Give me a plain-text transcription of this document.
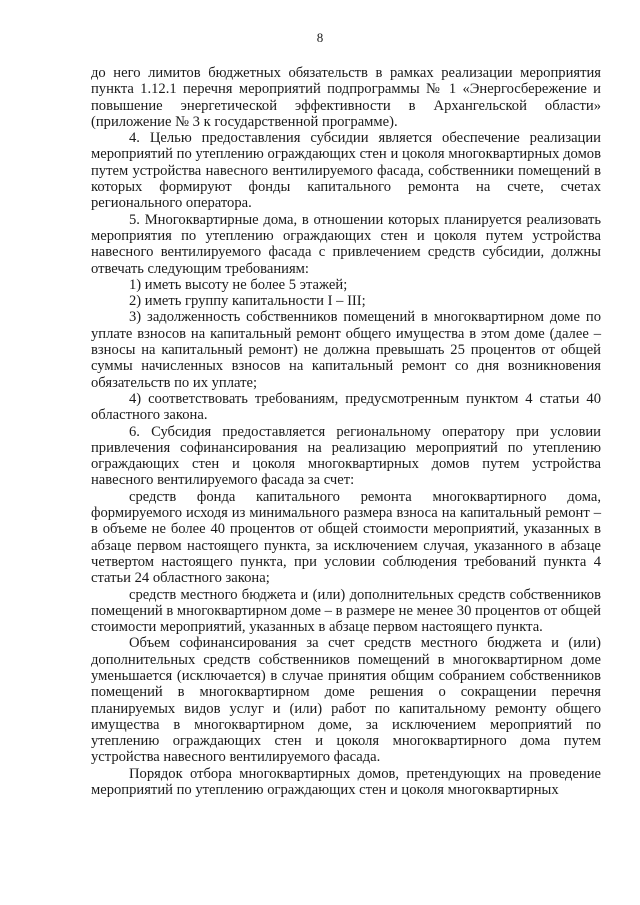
8

до него лимитов бюджетных обязательств в рамках реализации мероприятия пункта 1.12.1 перечня мероприятий подпрограммы № 1 «Энергосбережение и повышение энергетической эффективности в Архангельской области» (приложение № 3 к государственной программе).

4. Целью предоставления субсидии является обеспечение реализации мероприятий по утеплению ограждающих стен и цоколя многоквартирных домов путем устройства навесного вентилируемого фасада, собственники помещений в которых формируют фонды капитального ремонта на счете, счетах регионального оператора.

5. Многоквартирные дома, в отношении которых планируется реализовать мероприятия по утеплению ограждающих стен и цоколя путем устройства навесного вентилируемого фасада с привлечением средств субсидии, должны отвечать следующим требованиям:

1) иметь высоту не более 5 этажей;

2) иметь группу капитальности I – III;

3) задолженность собственников помещений в многоквартирном доме по уплате взносов на капитальный ремонт общего имущества в этом доме (далее – взносы на капитальный ремонт) не должна превышать 25 процентов от общей суммы начисленных взносов на капитальный ремонт со дня возникновения обязательств по их уплате;

4) соответствовать требованиям, предусмотренным пунктом 4 статьи 40 областного закона.

6. Субсидия предоставляется региональному оператору при условии привлечения софинансирования на реализацию мероприятий по утеплению ограждающих стен и цоколя многоквартирных домов путем устройства навесного вентилируемого фасада за счет:

средств фонда капитального ремонта многоквартирного дома, формируемого исходя из минимального размера взноса на капитальный ремонт – в объеме не более 40 процентов от общей стоимости мероприятий, указанных в абзаце первом настоящего пункта, за исключением случая, указанного в абзаце четвертом настоящего пункта, при условии соблюдения требований пункта 4 статьи 24 областного закона;

средств местного бюджета и (или) дополнительных средств собственников помещений в многоквартирном доме – в размере не менее 30 процентов от общей стоимости мероприятий, указанных в абзаце первом настоящего пункта.

Объем софинансирования за счет средств местного бюджета и (или) дополнительных средств собственников помещений в многоквартирном доме уменьшается (исключается) в случае принятия общим собранием собственников помещений в многоквартирном доме решения о сокращении перечня планируемых видов услуг и (или) работ по капитальному ремонту общего имущества в многоквартирном доме, за исключением мероприятий по утеплению ограждающих стен и цоколя многоквартирного дома путем устройства навесного вентилируемого фасада.

Порядок отбора многоквартирных домов, претендующих на проведение мероприятий по утеплению ограждающих стен и цоколя многоквартирных
